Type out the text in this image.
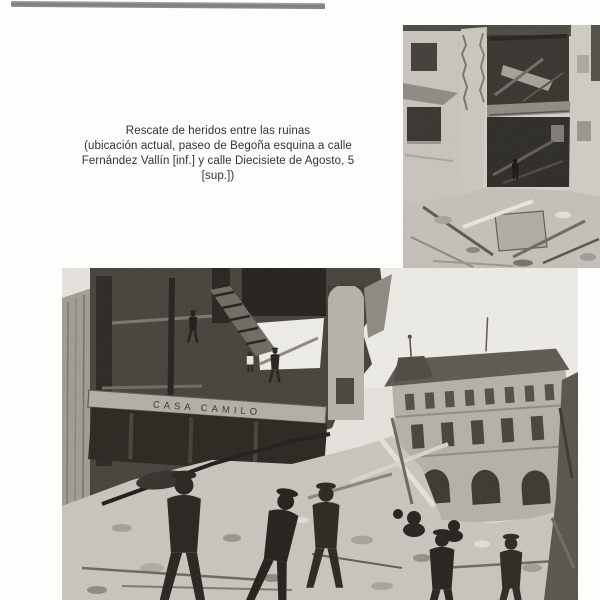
Rescate de heridos entre las ruinas
(ubicación actual, paseo de Begoña esquina a calle
Fernández Vallín [inf.] y calle Diecisiete de Agosto, 5
[sup.])
